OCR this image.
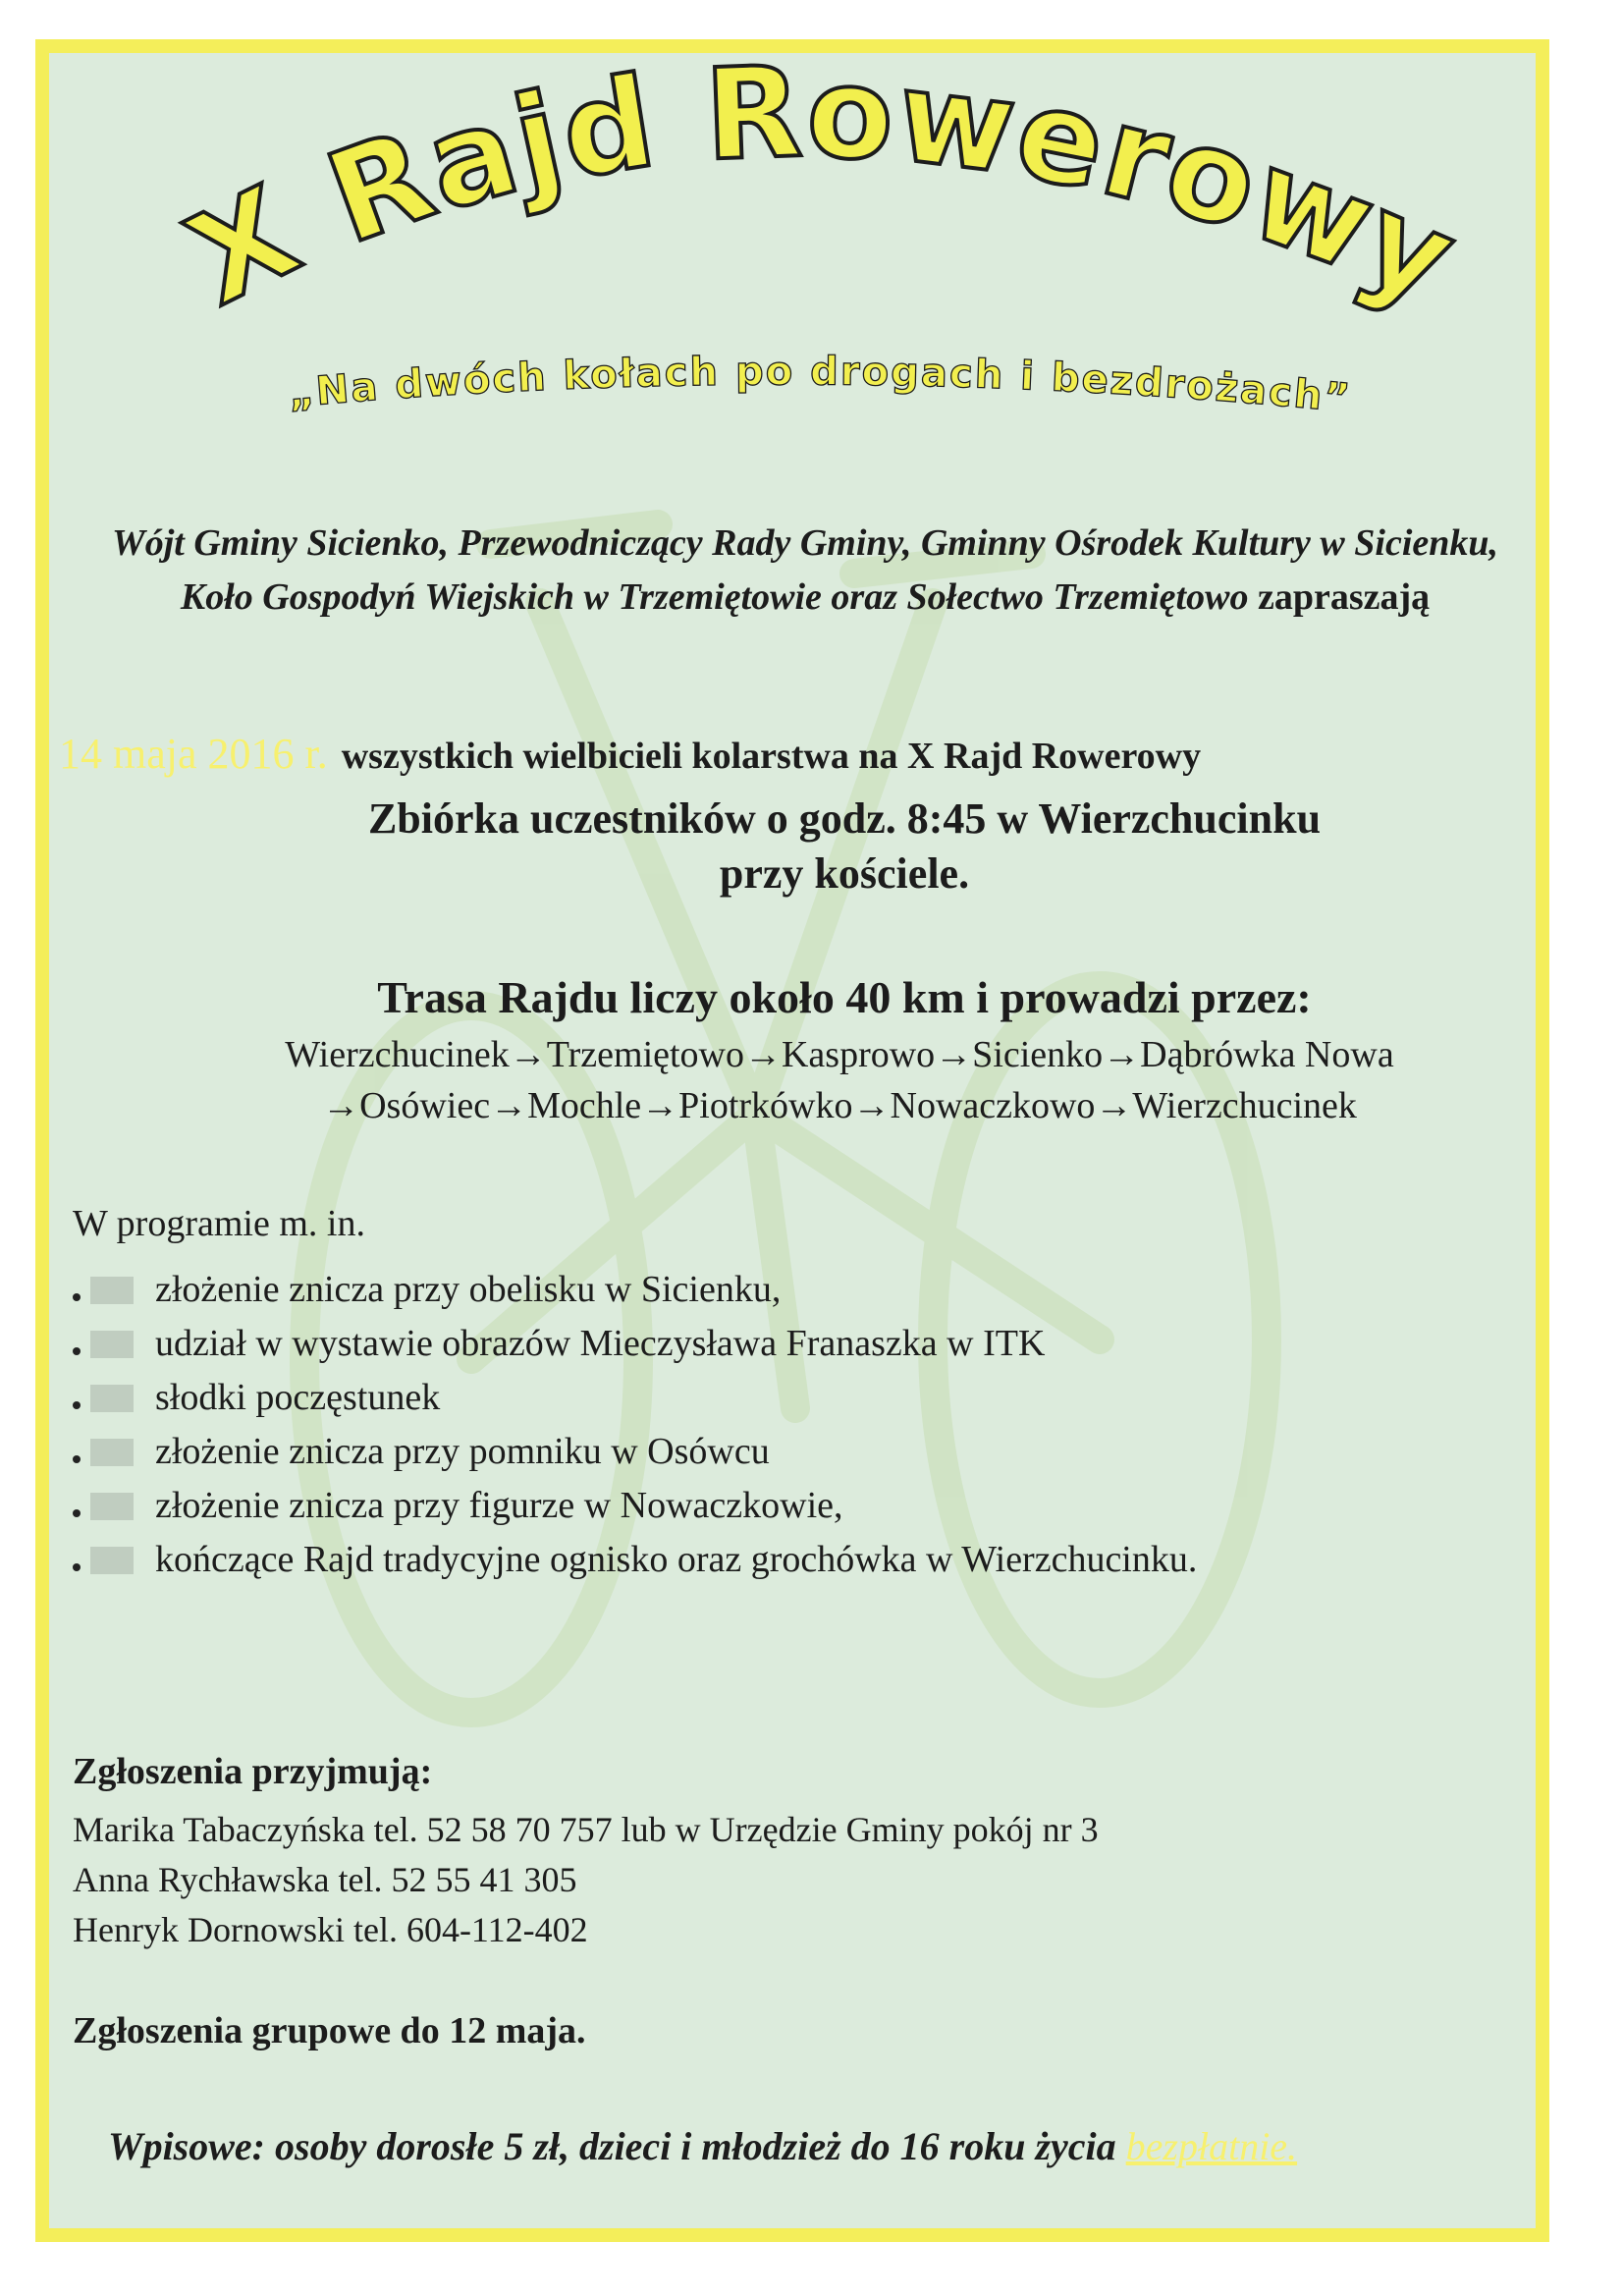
X Rajd Rowerowy
„Na dwóch kołach po drogach i bezdrożach”
Wójt Gminy Sicienko, Przewodniczący Rady Gminy, Gminny Ośrodek Kultury w Sicienku, Koło Gospodyń Wiejskich w Trzemiętowie oraz Sołectwo Trzemiętowo zapraszają
14 maja 2016 r. wszystkich wielbicieli kolarstwa na X Rajd Rowerowy
Zbiórka uczestników o godz. 8:45 w Wierzchucinku
przy kościele.
Trasa Rajdu liczy około 40 km i prowadzi przez:
Wierzchucinek→Trzemiętowo→Kasprowo→Sicienko→Dąbrówka Nowa
→Osówiec→Mochle→Piotrkówko→Nowaczkowo→Wierzchucinek
W programie m. in.
złożenie znicza przy obelisku w Sicienku,
udział w wystawie obrazów Mieczysława Franaszka w ITK
słodki poczęstunek
złożenie znicza przy pomniku w Osówcu
złożenie znicza przy figurze w Nowaczkowie,
kończące Rajd tradycyjne ognisko oraz grochówka w Wierzchucinku.
Zgłoszenia przyjmują:
Marika Tabaczyńska tel. 52 58 70 757 lub w Urzędzie Gminy pokój nr 3
Anna Rychławska tel. 52 55 41 305
Henryk Dornowski tel. 604-112-402
Zgłoszenia grupowe do 12 maja.
Wpisowe: osoby dorosłe 5 zł, dzieci i młodzież do 16 roku życia bezpłatnie.
